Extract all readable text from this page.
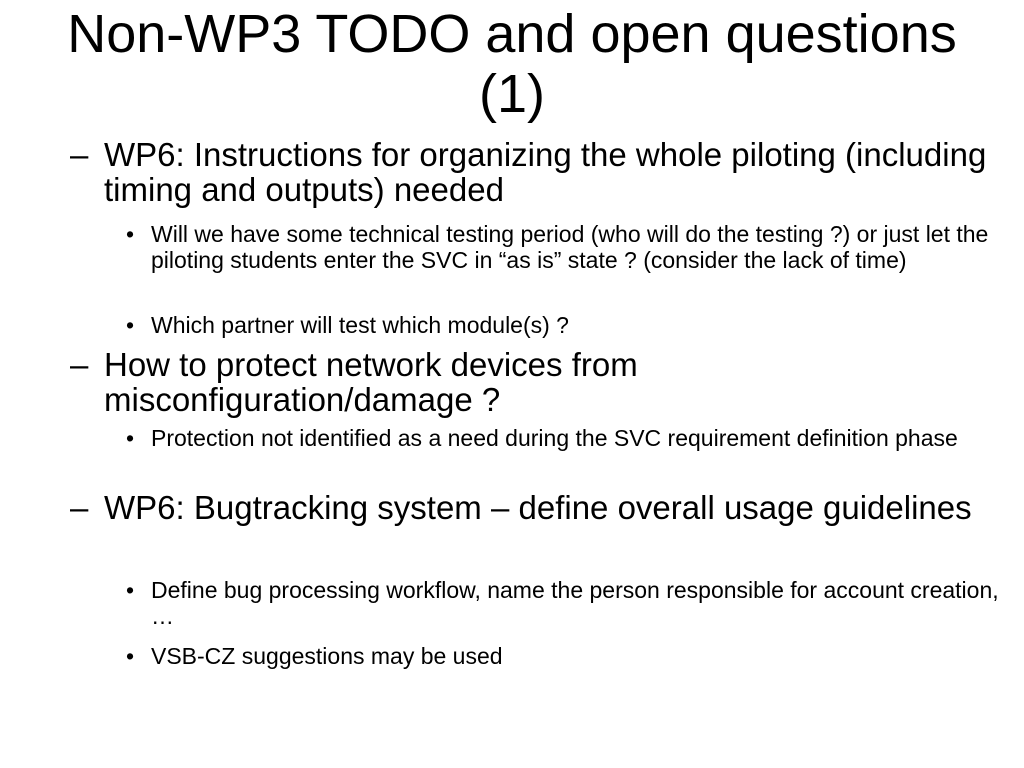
Non-WP3 TODO and open questions (1)
– WP6: Instructions for organizing the whole piloting (including timing and outputs) needed
• Will we have some technical testing period (who will do the testing ?) or just let the piloting students enter the SVC in “as is” state ? (consider the lack of time)
• Which partner will test which module(s) ?
– How to protect network devices from misconfiguration/damage ?
• Protection not identified as a need during the SVC requirement definition phase
– WP6: Bugtracking system – define overall usage guidelines
• Define bug processing workflow, name the person responsible for account creation, …
• VSB-CZ suggestions may be used
